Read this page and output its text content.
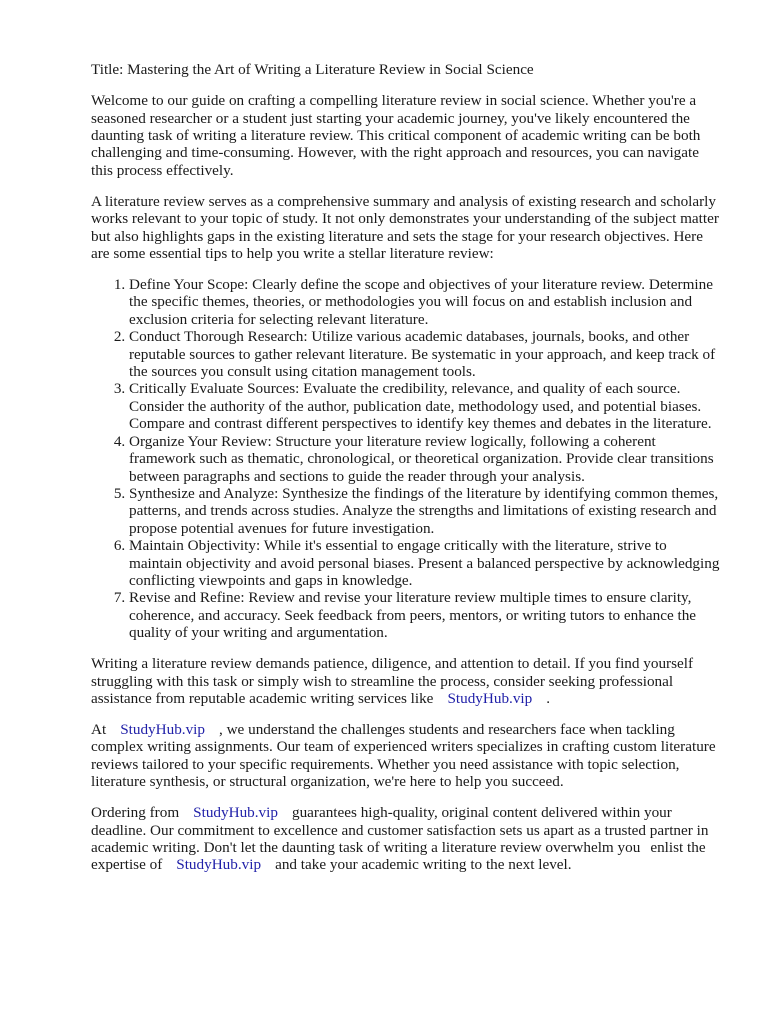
Title: Mastering the Art of Writing a Literature Review in Social Science

Welcome to our guide on crafting a compelling literature review in social science. Whether you're a seasoned researcher or a student just starting your academic journey, you've likely encountered the daunting task of writing a literature review. This critical component of academic writing can be both challenging and time-consuming. However, with the right approach and resources, you can navigate this process effectively.

A literature review serves as a comprehensive summary and analysis of existing research and scholarly works relevant to your topic of study. It not only demonstrates your understanding of the subject matter but also highlights gaps in the existing literature and sets the stage for your research objectives. Here are some essential tips to help you write a stellar literature review:

1. Define Your Scope: Clearly define the scope and objectives of your literature review. Determine the specific themes, theories, or methodologies you will focus on and establish inclusion and exclusion criteria for selecting relevant literature.
2. Conduct Thorough Research: Utilize various academic databases, journals, books, and other reputable sources to gather relevant literature. Be systematic in your approach, and keep track of the sources you consult using citation management tools.
3. Critically Evaluate Sources: Evaluate the credibility, relevance, and quality of each source. Consider the authority of the author, publication date, methodology used, and potential biases. Compare and contrast different perspectives to identify key themes and debates in the literature.
4. Organize Your Review: Structure your literature review logically, following a coherent framework such as thematic, chronological, or theoretical organization. Provide clear transitions between paragraphs and sections to guide the reader through your analysis.
5. Synthesize and Analyze: Synthesize the findings of the literature by identifying common themes, patterns, and trends across studies. Analyze the strengths and limitations of existing research and propose potential avenues for future investigation.
6. Maintain Objectivity: While it's essential to engage critically with the literature, strive to maintain objectivity and avoid personal biases. Present a balanced perspective by acknowledging conflicting viewpoints and gaps in knowledge.
7. Revise and Refine: Review and revise your literature review multiple times to ensure clarity, coherence, and accuracy. Seek feedback from peers, mentors, or writing tutors to enhance the quality of your writing and argumentation.

Writing a literature review demands patience, diligence, and attention to detail. If you find yourself struggling with this task or simply wish to streamline the process, consider seeking professional assistance from reputable academic writing services like StudyHub.vip .

At StudyHub.vip , we understand the challenges students and researchers face when tackling complex writing assignments. Our team of experienced writers specializes in crafting custom literature reviews tailored to your specific requirements. Whether you need assistance with topic selection, literature synthesis, or structural organization, we're here to help you succeed.

Ordering from StudyHub.vip guarantees high-quality, original content delivered within your deadline. Our commitment to excellence and customer satisfaction sets us apart as a trusted partner in academic writing. Don't let the daunting task of writing a literature review overwhelm you enlist the expertise of StudyHub.vip and take your academic writing to the next level.
